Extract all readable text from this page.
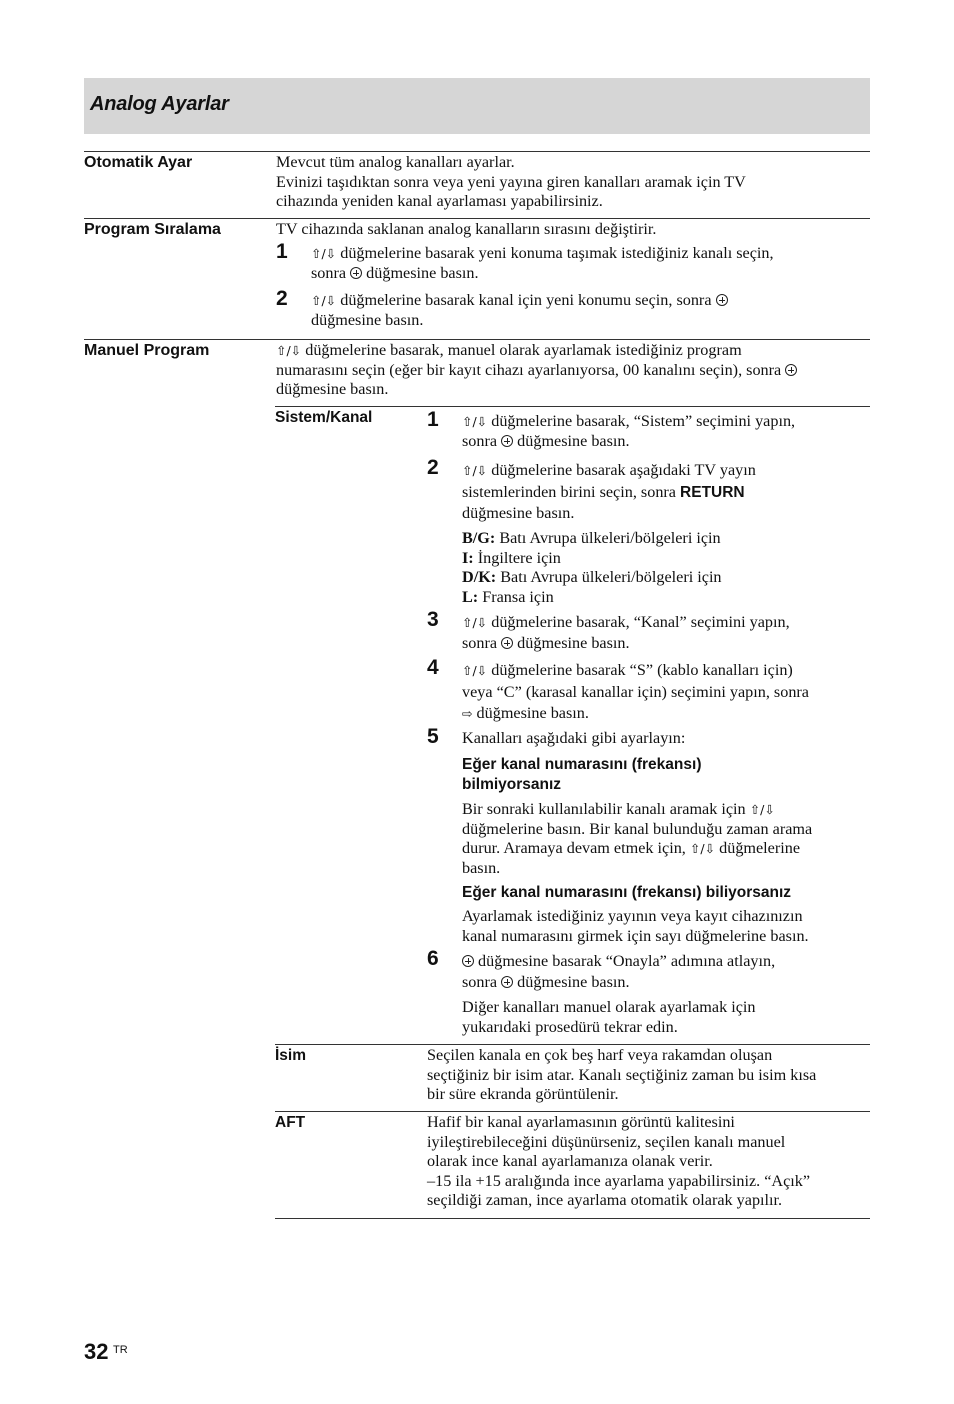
Analog Ayarlar
Otomatik Ayar	Mevcut tüm analog kanalları ayarlar.

Evinizi taşıdıktan sonra veya yeni yayına giren kanalları aramak için TV

cihazında yeniden kanal ayarlaması yapabilirsiniz.

Program Sıralama	TV cihazında saklanan analog kanalların sırasını değiştirir.
1 ⇧/⇩ düğmelerine basarak yeni konuma taşımak istediğiniz kanalı seçin,

sonra  düğmesine basın.

2 ⇧/⇩ düğmelerine basarak kanal için yeni konumu seçin, sonra

düğmesine basın.

Manuel Program	⇧/⇩ düğmelerine basarak, manuel olarak ayarlamak istediğiniz program

numarasını seçin (eğer bir kayıt cihazı ayarlanıyorsa, 00 kanalını seçin), sonra

düğmesine basın.

Sistem/Kanal	1 ⇧/⇩ düğmelerine basarak, “Sistem” seçimini yapın,

sonra  düğmesine basın.

2 ⇧/⇩ düğmelerine basarak aşağıdaki TV yayın

sistemlerinden birini seçin, sonra RETURN

düğmesine basın.

B/G: Batı Avrupa ülkeleri/bölgeleri için

I: İngiltere için

D/K: Batı Avrupa ülkeleri/bölgeleri için

L: Fransa için

3 ⇧/⇩ düğmelerine basarak, “Kanal” seçimini yapın,

sonra  düğmesine basın.

4 ⇧/⇩ düğmelerine basarak “S” (kablo kanalları için)

veya “C” (karasal kanallar için) seçimini yapın, sonra

⇨ düğmesine basın.

5 Kanalları aşağıdaki gibi ayarlayın:
Eğer kanal numarasını (frekansı)
bilmiyorsanız

Bir sonraki kullanılabilir kanalı aramak için ⇧/⇩

düğmelerine basın. Bir kanal bulunduğu zaman arama

durur. Aramaya devam etmek için, ⇧/⇩ düğmelerine

basın.

Eğer kanal numarasını (frekansı) biliyorsanız

Ayarlamak istediğiniz yayının veya kayıt cihazınızın

kanal numarasını girmek için sayı düğmelerine basın.

6	düğmesine basarak “Onayla” adımına atlayın,

sonra  düğmesine basın.

Diğer kanalları manuel olarak ayarlamak için

yukarıdaki prosedürü tekrar edin.

İsim	Seçilen kanala en çok beş harf veya rakamdan oluşan

seçtiğiniz bir isim atar. Kanalı seçtiğiniz zaman bu isim kısa

bir süre ekranda görüntülenir.

AFT	Hafif bir kanal ayarlamasının görüntü kalitesini

iyileştirebileceğini düşünürseniz, seçilen kanalı manuel

olarak ince kanal ayarlamanıza olanak verir.

–15 ila +15 aralığında ince ayarlama yapabilirsiniz. “Açık”

seçildiği zaman, ince ayarlama otomatik olarak yapılır.

32 TR
